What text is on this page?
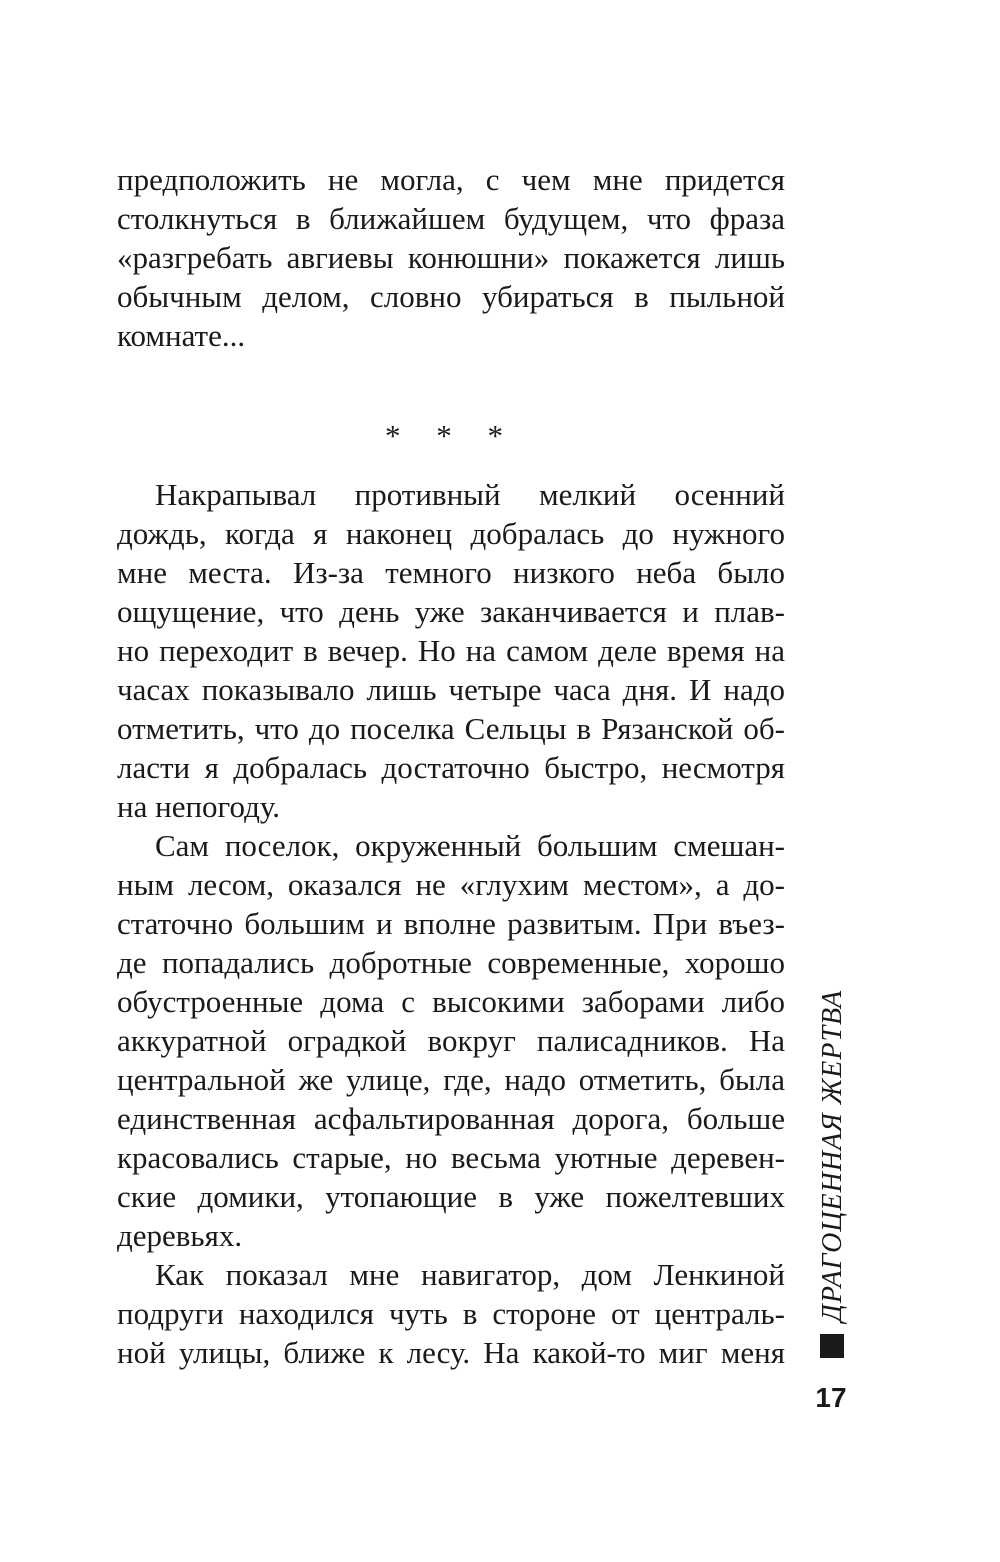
предположить не могла, с чем мне придется
столкнуться в ближайшем будущем, что фраза
«разгребать авгиевы конюшни» покажется лишь
обычным делом, словно убираться в пыльной
комнате...
* * *
Накрапывал противный мелкий осенний
дождь, когда я наконец добралась до нужного
мне места. Из-за темного низкого неба было
ощущение, что день уже заканчивается и плав-
но переходит в вечер. Но на самом деле время на
часах показывало лишь четыре часа дня. И надо
отметить, что до поселка Сельцы в Рязанской об-
ласти я добралась достаточно быстро, несмотря
на непогоду.
Сам поселок, окруженный большим смешан-
ным лесом, оказался не «глухим местом», а до-
статочно большим и вполне развитым. При въез-
де попадались добротные современные, хорошо
обустроенные дома с высокими заборами либо
аккуратной оградкой вокруг палисадников. На
центральной же улице, где, надо отметить, была
единственная асфальтированная дорога, больше
красовались старые, но весьма уютные деревен-
ские домики, утопающие в уже пожелтевших
деревьях.
Как показал мне навигатор, дом Ленкиной
подруги находился чуть в стороне от централь-
ной улицы, ближе к лесу. На какой-то миг меня
ДРАГОЦЕННАЯ ЖЕРТВА
17
